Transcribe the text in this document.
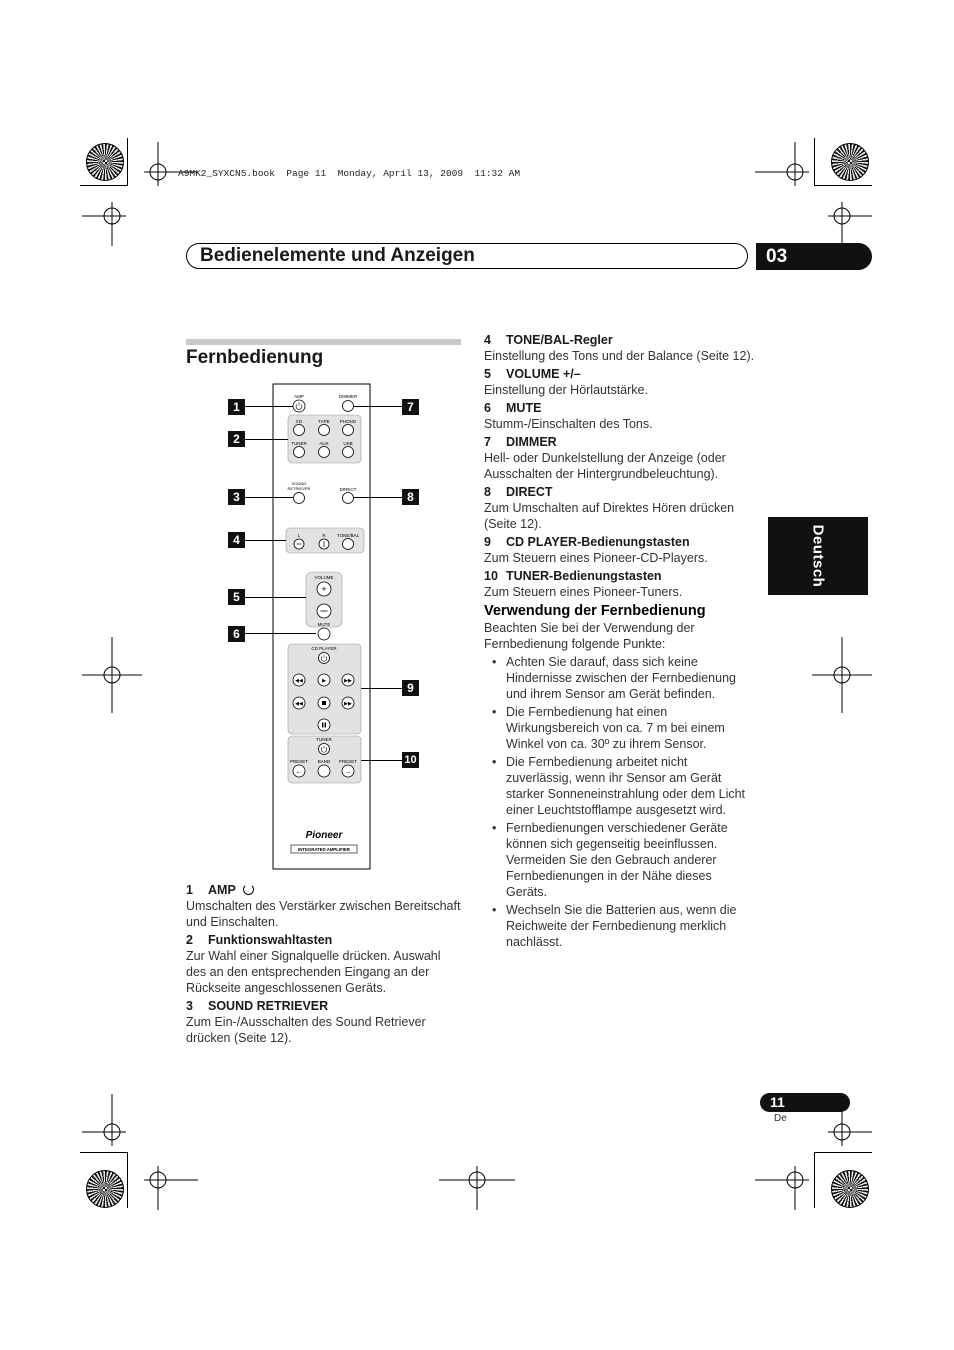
A9MK2_SYXCN5.book  Page 11  Monday, April 13, 2009  11:32 AM
Bedienelemente und Anzeigen	03
Fernbedienung
AMP	DIMMER
CD	TAPE PHONO
TUNER	AUX	USB
SOUND
RETRIEVER	DIRECT
L	R	TONE/BAL
VOLUME
+
MUTE
CD PLAYER
◀◀	▶	▶▶
◀◀	▶▶
TUNER
PRESET BAND PRESET
←	→
Pioneer
INTEGRATED AMPLIFIER
1
2
3
4
5
6
7
8
9
10
1 AMP

Umschalten des Verstärker zwischen Bereitschaft und Einschalten.

2 Funktionswahltasten

Zur Wahl einer Signalquelle drücken. Auswahl des an den entsprechenden Eingang an der Rückseite angeschlossenen Geräts.

3 SOUND RETRIEVER

Zum Ein-/Ausschalten des Sound Retriever drücken (Seite 12).

4 TONE/BAL-Regler

Einstellung des Tons und der Balance (Seite 12).

5 VOLUME +/–

Einstellung der Hörlautstärke.

6 MUTE

Stumm-/Einschalten des Tons.

7 DIMMER

Hell- oder Dunkelstellung der Anzeige (oder Ausschalten der Hintergrundbeleuchtung).

8 DIRECT

Zum Umschalten auf Direktes Hören drücken (Seite 12).

9 CD PLAYER-Bedienungstasten

Zum Steuern eines Pioneer-CD-Players.

10 TUNER-Bedienungstasten

Zum Steuern eines Pioneer-Tuners.

Verwendung der Fernbedienung

Beachten Sie bei der Verwendung der Fernbedienung folgende Punkte:

• Achten Sie darauf, dass sich keine Hindernisse zwischen der Fernbedienung und ihrem Sensor am Gerät befinden.
• Die Fernbedienung hat einen Wirkungsbereich von ca. 7 m bei einem Winkel von ca. 30º zu ihrem Sensor.
• Die Fernbedienung arbeitet nicht zuverlässig, wenn ihr Sensor am Gerät starker Sonneneinstrahlung oder dem Licht einer Leuchtstofflampe ausgesetzt wird.
• Fernbedienungen verschiedener Geräte können sich gegenseitig beeinflussen. Vermeiden Sie den Gebrauch anderer Fernbedienungen in der Nähe dieses Geräts.
• Wechseln Sie die Batterien aus, wenn die Reichweite der Fernbedienung merklich nachlässt.
Deutsch
11
De
